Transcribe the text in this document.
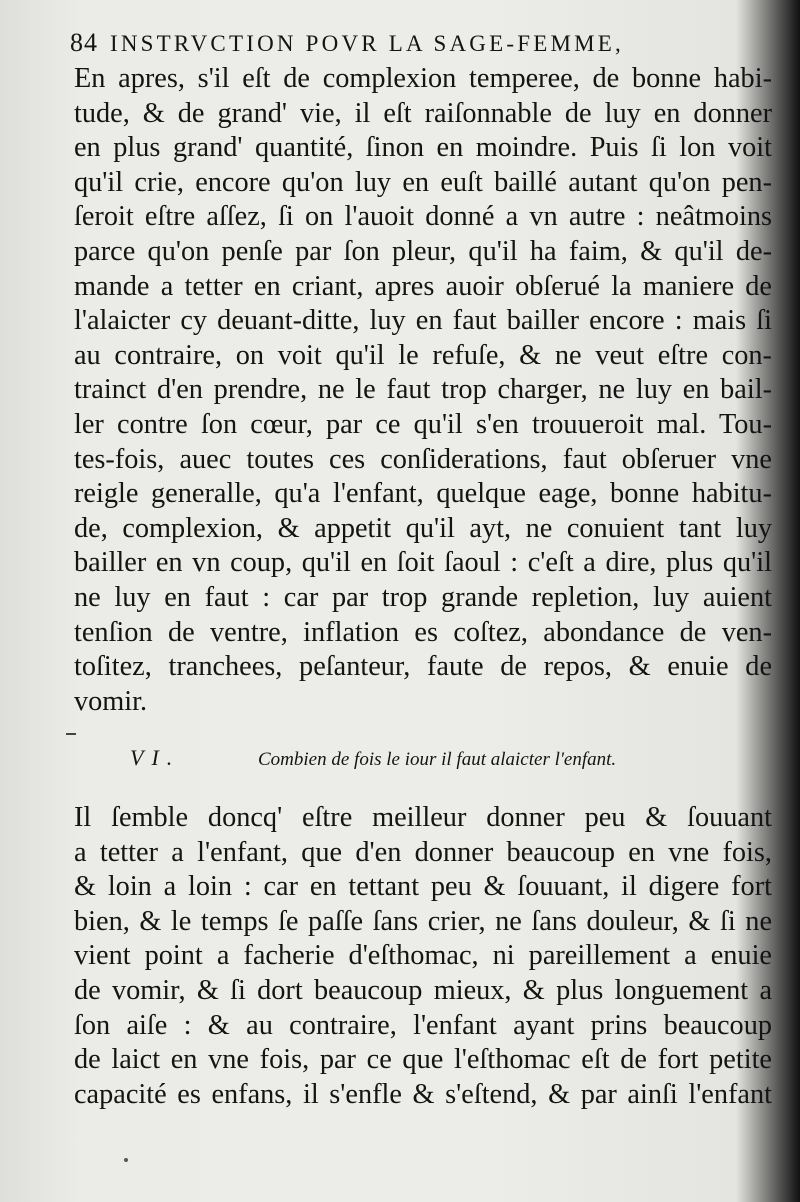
84 INSTRVCTION POVR LA SAGE-FEMME,
En apres, s'il eſt de complexion temperee, de bonne habi-
tude, & de grand' vie, il eſt raiſonnable de luy en donner
en plus grand' quantité, ſinon en moindre. Puis ſi lon voit
qu'il crie, encore qu'on luy en euſt baillé autant qu'on pen-
ſeroit eſtre aſſez, ſi on l'auoit donné a vn autre : neâtmoins
parce qu'on penſe par ſon pleur, qu'il ha faim, & qu'il de-
mande a tetter en criant, apres auoir obſerué la maniere de
l'alaicter cy deuant-ditte, luy en faut bailler encore : mais ſi
au contraire, on voit qu'il le refuſe, & ne veut eſtre con-
trainct d'en prendre, ne le faut trop charger, ne luy en bail-
ler contre ſon cœur, par ce qu'il s'en trouueroit mal. Tou-
tes-fois, auec toutes ces conſiderations, faut obſeruer vne
reigle generalle, qu'a l'enfant, quelque eage, bonne habitu-
de, complexion, & appetit qu'il ayt, ne conuient tant luy
bailler en vn coup, qu'il en ſoit ſaoul : c'eſt a dire, plus qu'il
ne luy en faut : car par trop grande repletion, luy auient
tenſion de ventre, inflation es coſtez, abondance de ven-
toſitez, tranchees, peſanteur, faute de repos, & enuie de
vomir.
VI.	Combien de fois le iour il faut alaicter l'enfant.
Il ſemble doncq' eſtre meilleur donner peu & ſouuant
a tetter a l'enfant, que d'en donner beaucoup en vne fois,
& loin a loin : car en tettant peu & ſouuant, il digere fort
bien, & le temps ſe paſſe ſans crier, ne ſans douleur, & ſi ne
vient point a facherie d'eſthomac, ni pareillement a enuie
de vomir, & ſi dort beaucoup mieux, & plus longuement a
ſon aiſe : & au contraire, l'enfant ayant prins beaucoup
de laict en vne fois, par ce que l'eſthomac eſt de fort petite
capacité es enfans, il s'enfle & s'eſtend, & par ainſi l'enfant
